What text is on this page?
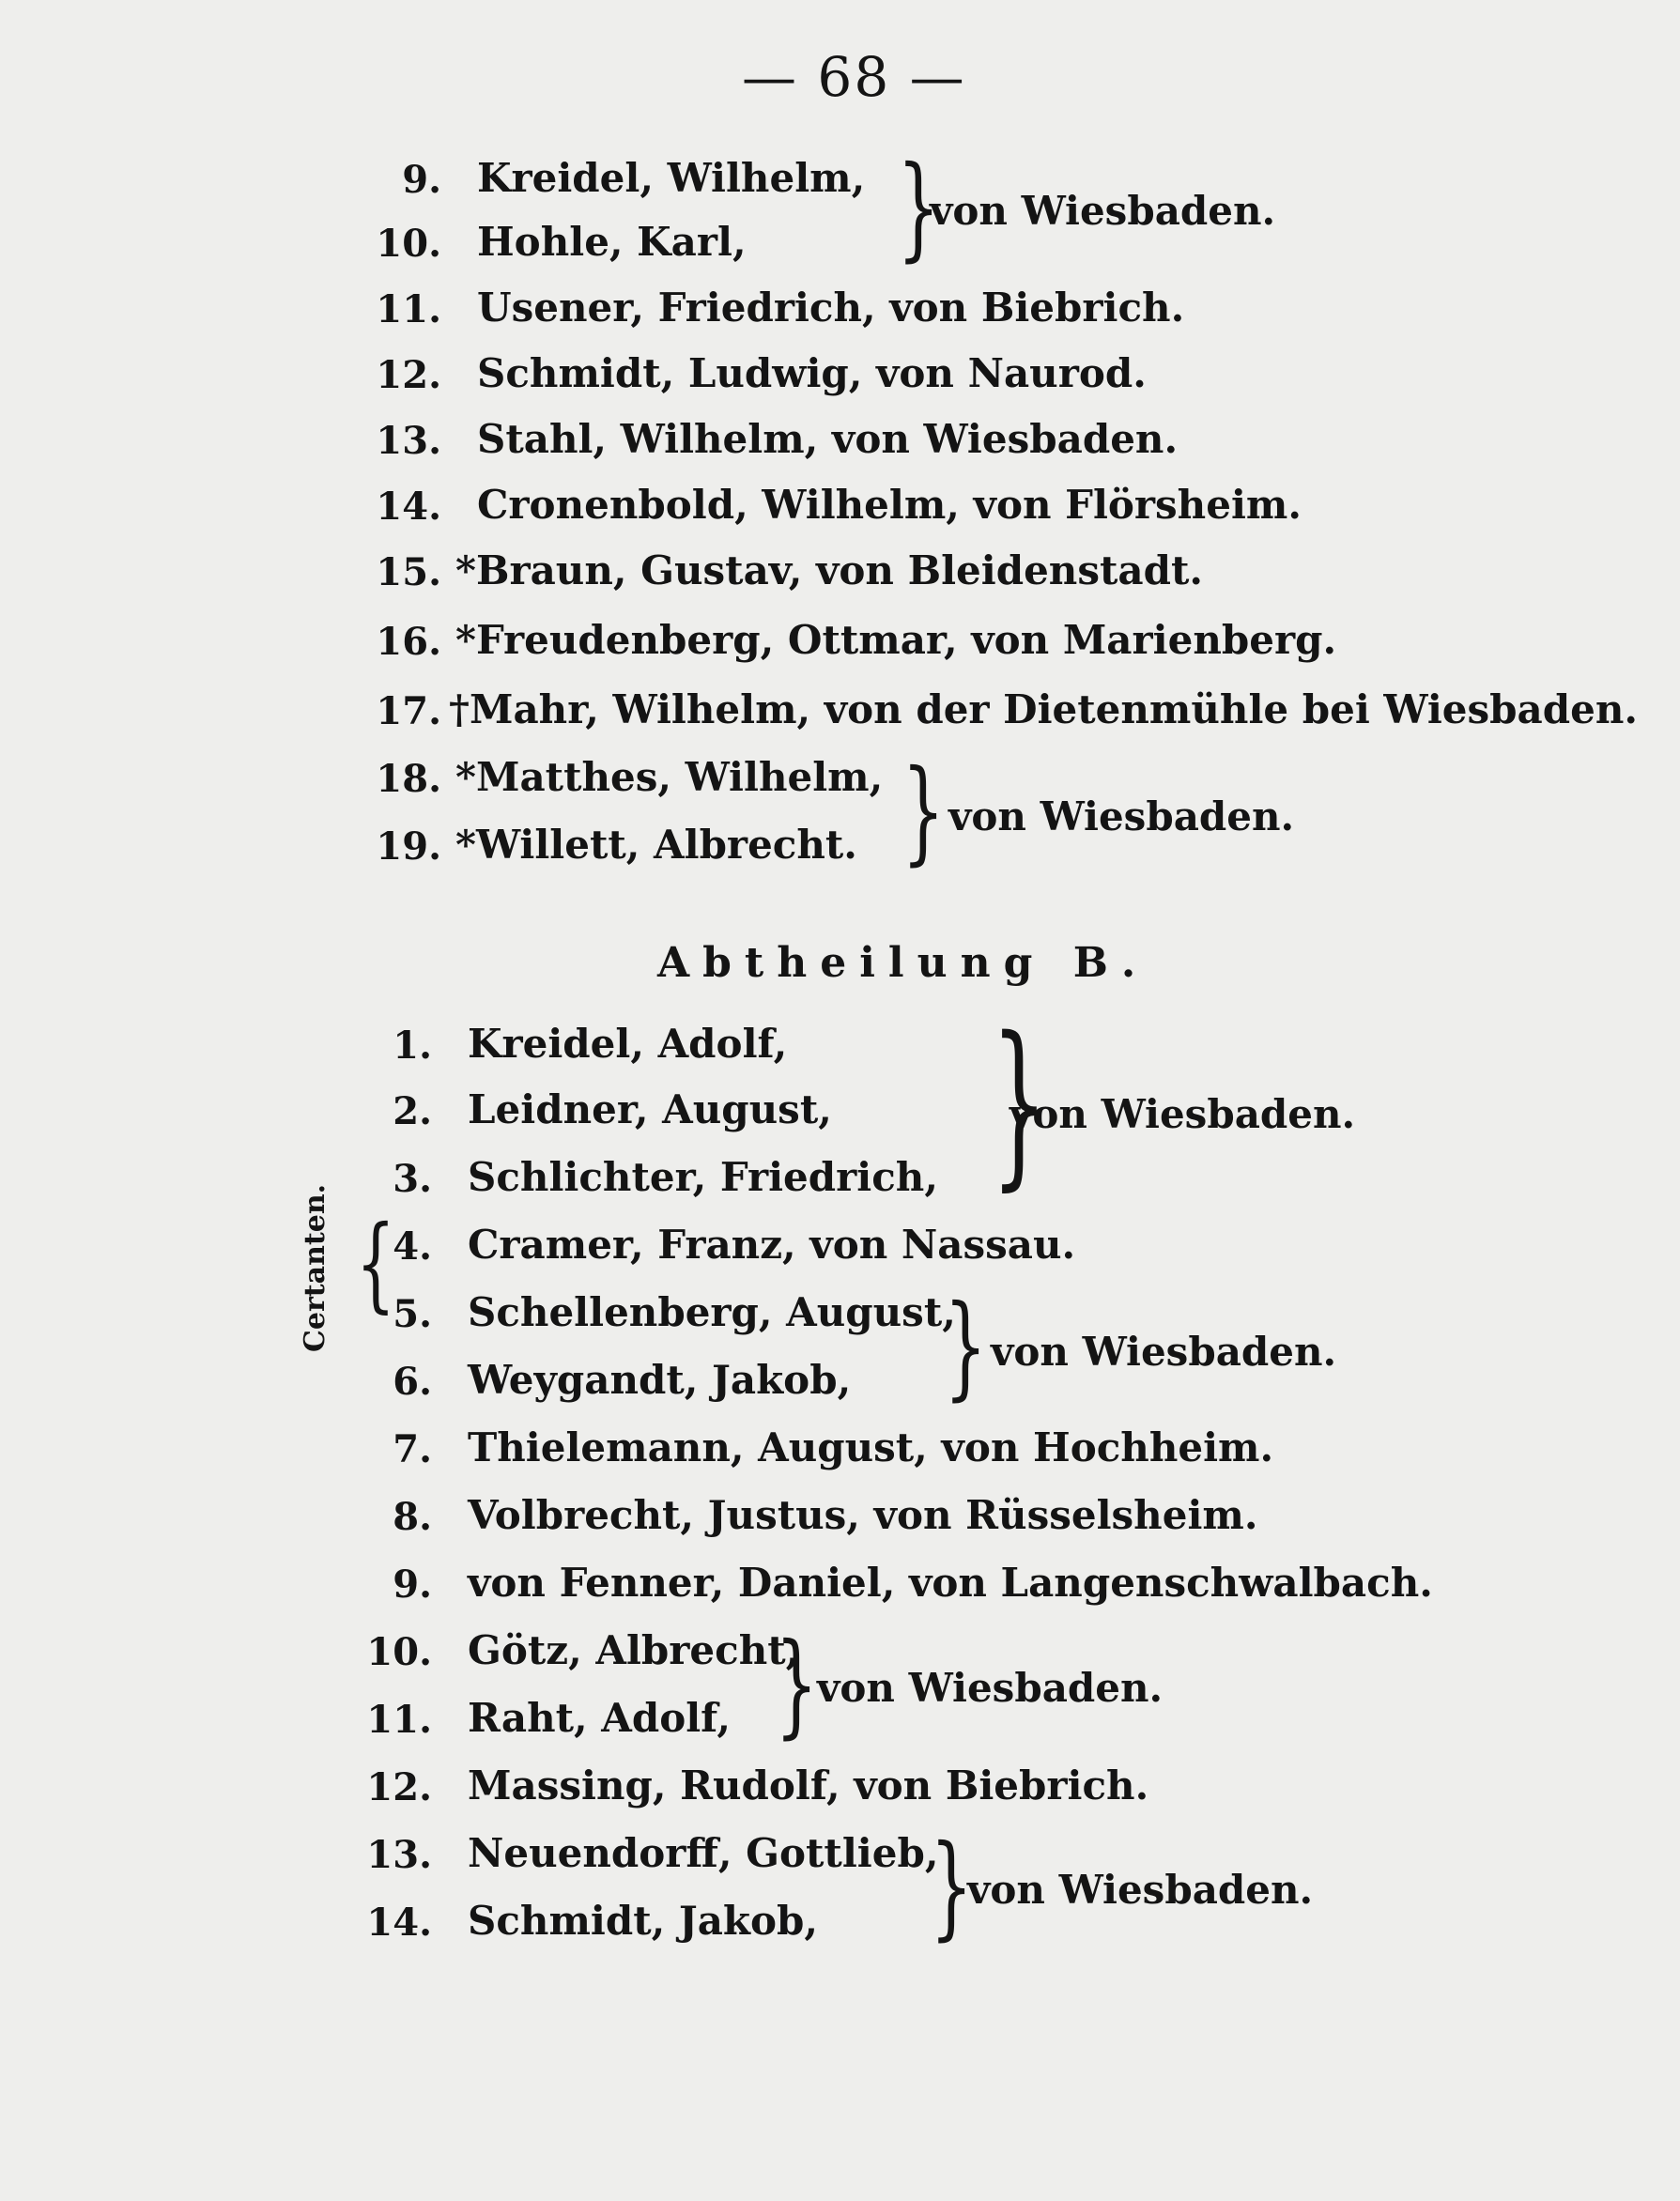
— 68 —
9. Kreidel, Wilhelm,
10. Hohle, Karl, }
von Wiesbaden.
11. Usener, Friedrich, von Biebrich.
12. Schmidt, Ludwig, von Naurod.
13. Stahl, Wilhelm, von Wiesbaden.
14. Cronenbold, Wilhelm, von Flörsheim.
15. *Braun, Gustav, von Bleidenstadt.
16. *Freudenberg, Ottmar, von Marienberg.
17. †Mahr, Wilhelm, von der Dietenmühle bei Wiesbaden.
18. *Matthes, Wilhelm,
19. *Willett, Albrecht. } von Wiesbaden.
Abtheilung B.
Certanten. {
1. Kreidel, Adolf,
2. Leidner, August,
3. Schlichter, Friedrich, }
von Wiesbaden.
4. Cramer, Franz, von Nassau.
5. Schellenberg, August,
6. Weygandt, Jakob, } von Wiesbaden.
7. Thielemann, August, von Hochheim.
8. Volbrecht, Justus, von Rüsselsheim.
9. von Fenner, Daniel, von Langenschwalbach.
10. Götz, Albrecht,
11. Raht, Adolf, }
von Wiesbaden.
12. Massing, Rudolf, von Biebrich.
13. Neuendorff, Gottlieb,
14. Schmidt, Jakob, }
von Wiesbaden.
